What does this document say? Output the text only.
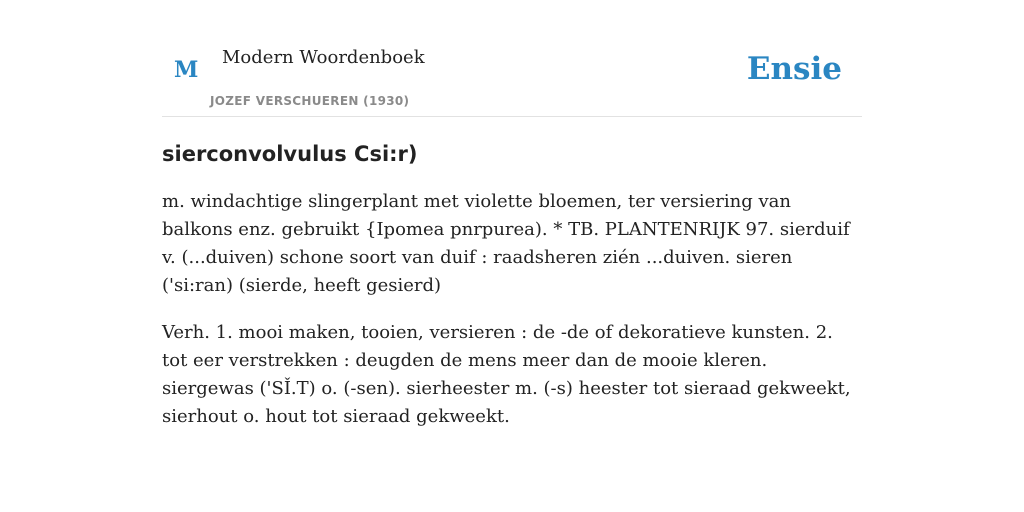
M Modern Woordenboek
JOZEF VERSCHUEREN (1930)
Ensie
sierconvolvulus Csi:r)

m. windachtige slingerplant met violette bloemen, ter versiering van balkons enz. gebruikt {Ipomea pnrpurea). * TB. PLANTENRIJK 97. sierduif v. (...duiven) schone soort van duif : raadsheren zién ...duiven. sieren ('si:ran) (sierde, heeft gesierd)

Verh. 1. mooi maken, tooien, versieren : de -de of dekoratieve kunsten. 2. tot eer verstrekken : deugden de mens meer dan de mooie kleren. siergewas ('SǏ.T) o. (-sen). sierheester m. (-s) heester tot sieraad gekweekt, sierhout o. hout tot sieraad gekweekt.
